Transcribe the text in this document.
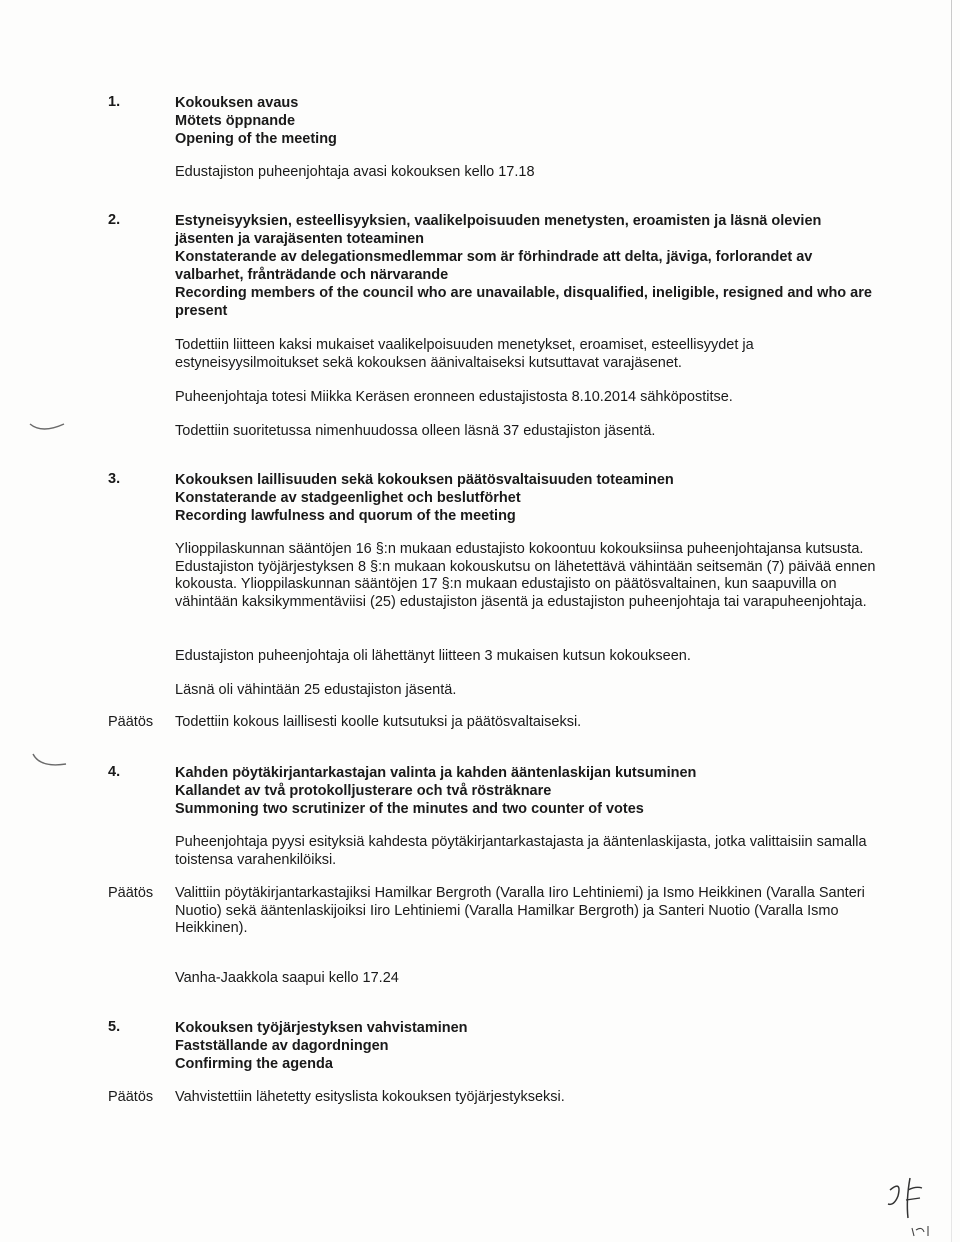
1.	Kokouksen avaus

Mötets öppnande

Opening of the meeting

Edustajiston puheenjohtaja avasi kokouksen kello 17.18

2.	Estyneisyyksien, esteellisyyksien, vaalikelpoisuuden menetysten, eroamisten ja läsnä olevien jäsenten ja varajäsenten toteaminen

Konstaterande av delegationsmedlemmar som är förhindrade att delta, jäviga, forlorandet av valbarhet, frånträdande och närvarande

Recording members of the council who are unavailable, disqualified, ineligible, resigned and who are present

Todettiin liitteen kaksi mukaiset vaalikelpoisuuden menetykset, eroamiset, esteellisyydet ja estyneisyysilmoitukset sekä kokouksen äänivaltaiseksi kutsuttavat varajäsenet.

Puheenjohtaja totesi Miikka Keräsen eronneen edustajistosta 8.10.2014 sähköpostitse.

Todettiin suoritetussa nimenhuudossa olleen läsnä 37 edustajiston jäsentä.

3.	Kokouksen laillisuuden sekä kokouksen päätösvaltaisuuden toteaminen

Konstaterande av stadgeenlighet och beslutförhet

Recording lawfulness and quorum of the meeting

Ylioppilaskunnan sääntöjen 16 §:n mukaan edustajisto kokoontuu kokouksiinsa puheenjohtajansa kutsusta. Edustajiston työjärjestyksen 8 §:n mukaan kokouskutsu on lähetettävä vähintään seitsemän (7) päivää ennen kokousta. Ylioppilaskunnan sääntöjen 17 §:n mukaan edustajisto on päätösvaltainen, kun saapuvilla on vähintään kaksikymmentäviisi (25) edustajiston jäsentä ja edustajiston puheenjohtaja tai varapuheenjohtaja.

Edustajiston puheenjohtaja oli lähettänyt liitteen 3 mukaisen kutsun kokoukseen.

Läsnä oli vähintään 25 edustajiston jäsentä.

Päätös Todettiin kokous laillisesti koolle kutsutuksi ja päätösvaltaiseksi.

4.	Kahden pöytäkirjantarkastajan valinta ja kahden ääntenlaskijan kutsuminen

Kallandet av två protokolljusterare och två rösträknare

Summoning two scrutinizer of the minutes and two counter of votes

Puheenjohtaja pyysi esityksiä kahdesta pöytäkirjantarkastajasta ja ääntenlaskijasta, jotka valittaisiin samalla toistensa varahenkilöiksi.

Päätös Valittiin pöytäkirjantarkastajiksi Hamilkar Bergroth (Varalla Iiro Lehtiniemi) ja Ismo Heikkinen (Varalla Santeri Nuotio) sekä ääntenlaskijoiksi Iiro Lehtiniemi (Varalla Hamilkar Bergroth) ja Santeri Nuotio (Varalla Ismo Heikkinen).

Vanha-Jaakkola saapui kello 17.24

5.	Kokouksen työjärjestyksen vahvistaminen

Fastställande av dagordningen

Confirming the agenda

Päätös Vahvistettiin lähetetty esityslista kokouksen työjärjestykseksi.
